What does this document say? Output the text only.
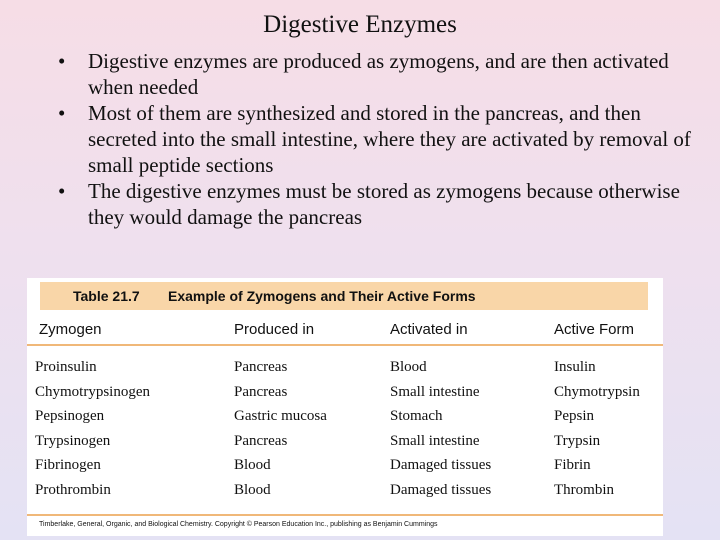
Digestive Enzymes
• Digestive enzymes are produced as zymogens, and are then activated when needed
• Most of them are synthesized and stored in the pancreas, and then secreted into the small intestine, where they are activated by removal of small peptide sections
• The digestive enzymes must be stored as zymogens because otherwise they would damage the pancreas
Table 21.7 Example of Zymogens and Their Active Forms
Zymogen	Produced in	Activated in	Active Form
Proinsulin	Pancreas	Blood	Insulin
Chymotrypsinogen	Pancreas	Small intestine	Chymotrypsin
Pepsinogen	Gastric mucosa	Stomach	Pepsin
Trypsinogen	Pancreas	Small intestine	Trypsin
Fibrinogen	Blood	Damaged tissues	Fibrin
Prothrombin	Blood	Damaged tissues	Thrombin
Timberlake, General, Organic, and Biological Chemistry. Copyright © Pearson Education Inc., publishing as Benjamin Cummings
